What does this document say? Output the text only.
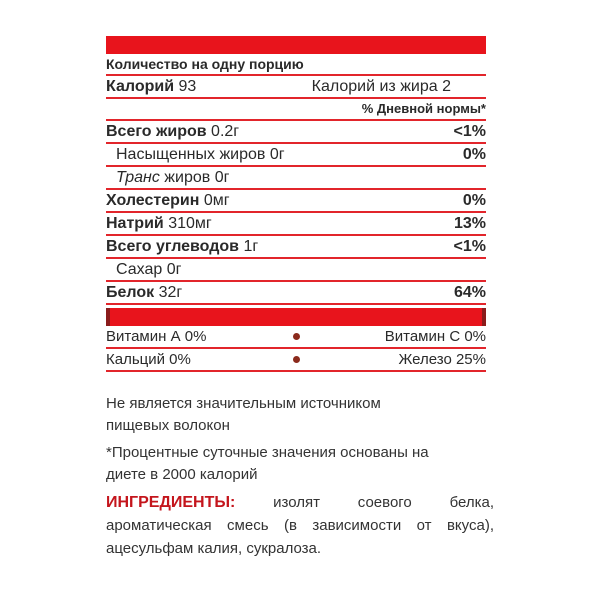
Количество на одну порцию
Калорий 93	Калорий из жира 2
% Дневной нормы*
Всего жиров 0.2г	<1%
Насыщенных жиров 0г	0%
Транс жиров 0г
Холестерин 0мг	0%
Натрий 310мг	13%
Всего углеводов 1г	<1%
Сахар 0г
Белок 32г	64%
Витамин А 0%	Витамин С 0%
Кальций 0%	Железо 25%
Не является значительным источником пищевых волокон
*Процентные суточные значения основаны на диете в 2000 калорий
ИНГРЕДИЕНТЫ:	изолят соевого белка, ароматическая смесь (в зависимости от вкуса), ацесульфам калия, сукралоза.
